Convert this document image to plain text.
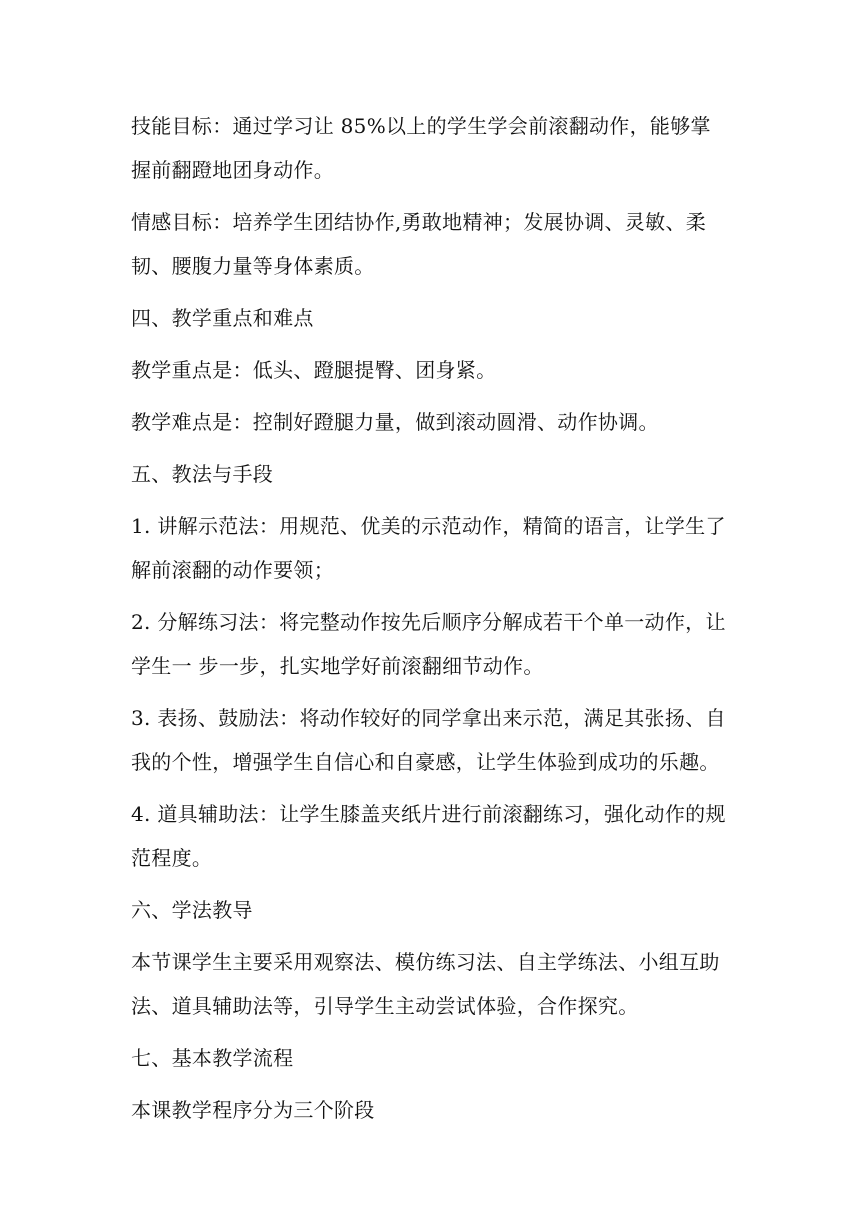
技能目标：通过学习让 85%以上的学生学会前滚翻动作，能够掌握前翻蹬地团身动作。

情感目标：培养学生团结协作,勇敢地精神；发展协调、灵敏、柔韧、腰腹力量等身体素质。

四、教学重点和难点

教学重点是：低头、蹬腿提臀、团身紧。

教学难点是：控制好蹬腿力量，做到滚动圆滑、动作协调。

五、教法与手段

1. 讲解示范法：用规范、优美的示范动作，精简的语言，让学生了解前滚翻的动作要领；

2. 分解练习法：将完整动作按先后顺序分解成若干个单一动作，让学生一 步一步，扎实地学好前滚翻细节动作。

3. 表扬、鼓励法：将动作较好的同学拿出来示范，满足其张扬、自我的个性，增强学生自信心和自豪感，让学生体验到成功的乐趣。

4. 道具辅助法：让学生膝盖夹纸片进行前滚翻练习，强化动作的规范程度。

六、学法教导

本节课学生主要采用观察法、模仿练习法、自主学练法、小组互助法、道具辅助法等，引导学生主动尝试体验，合作探究。

七、基本教学流程

本课教学程序分为三个阶段
